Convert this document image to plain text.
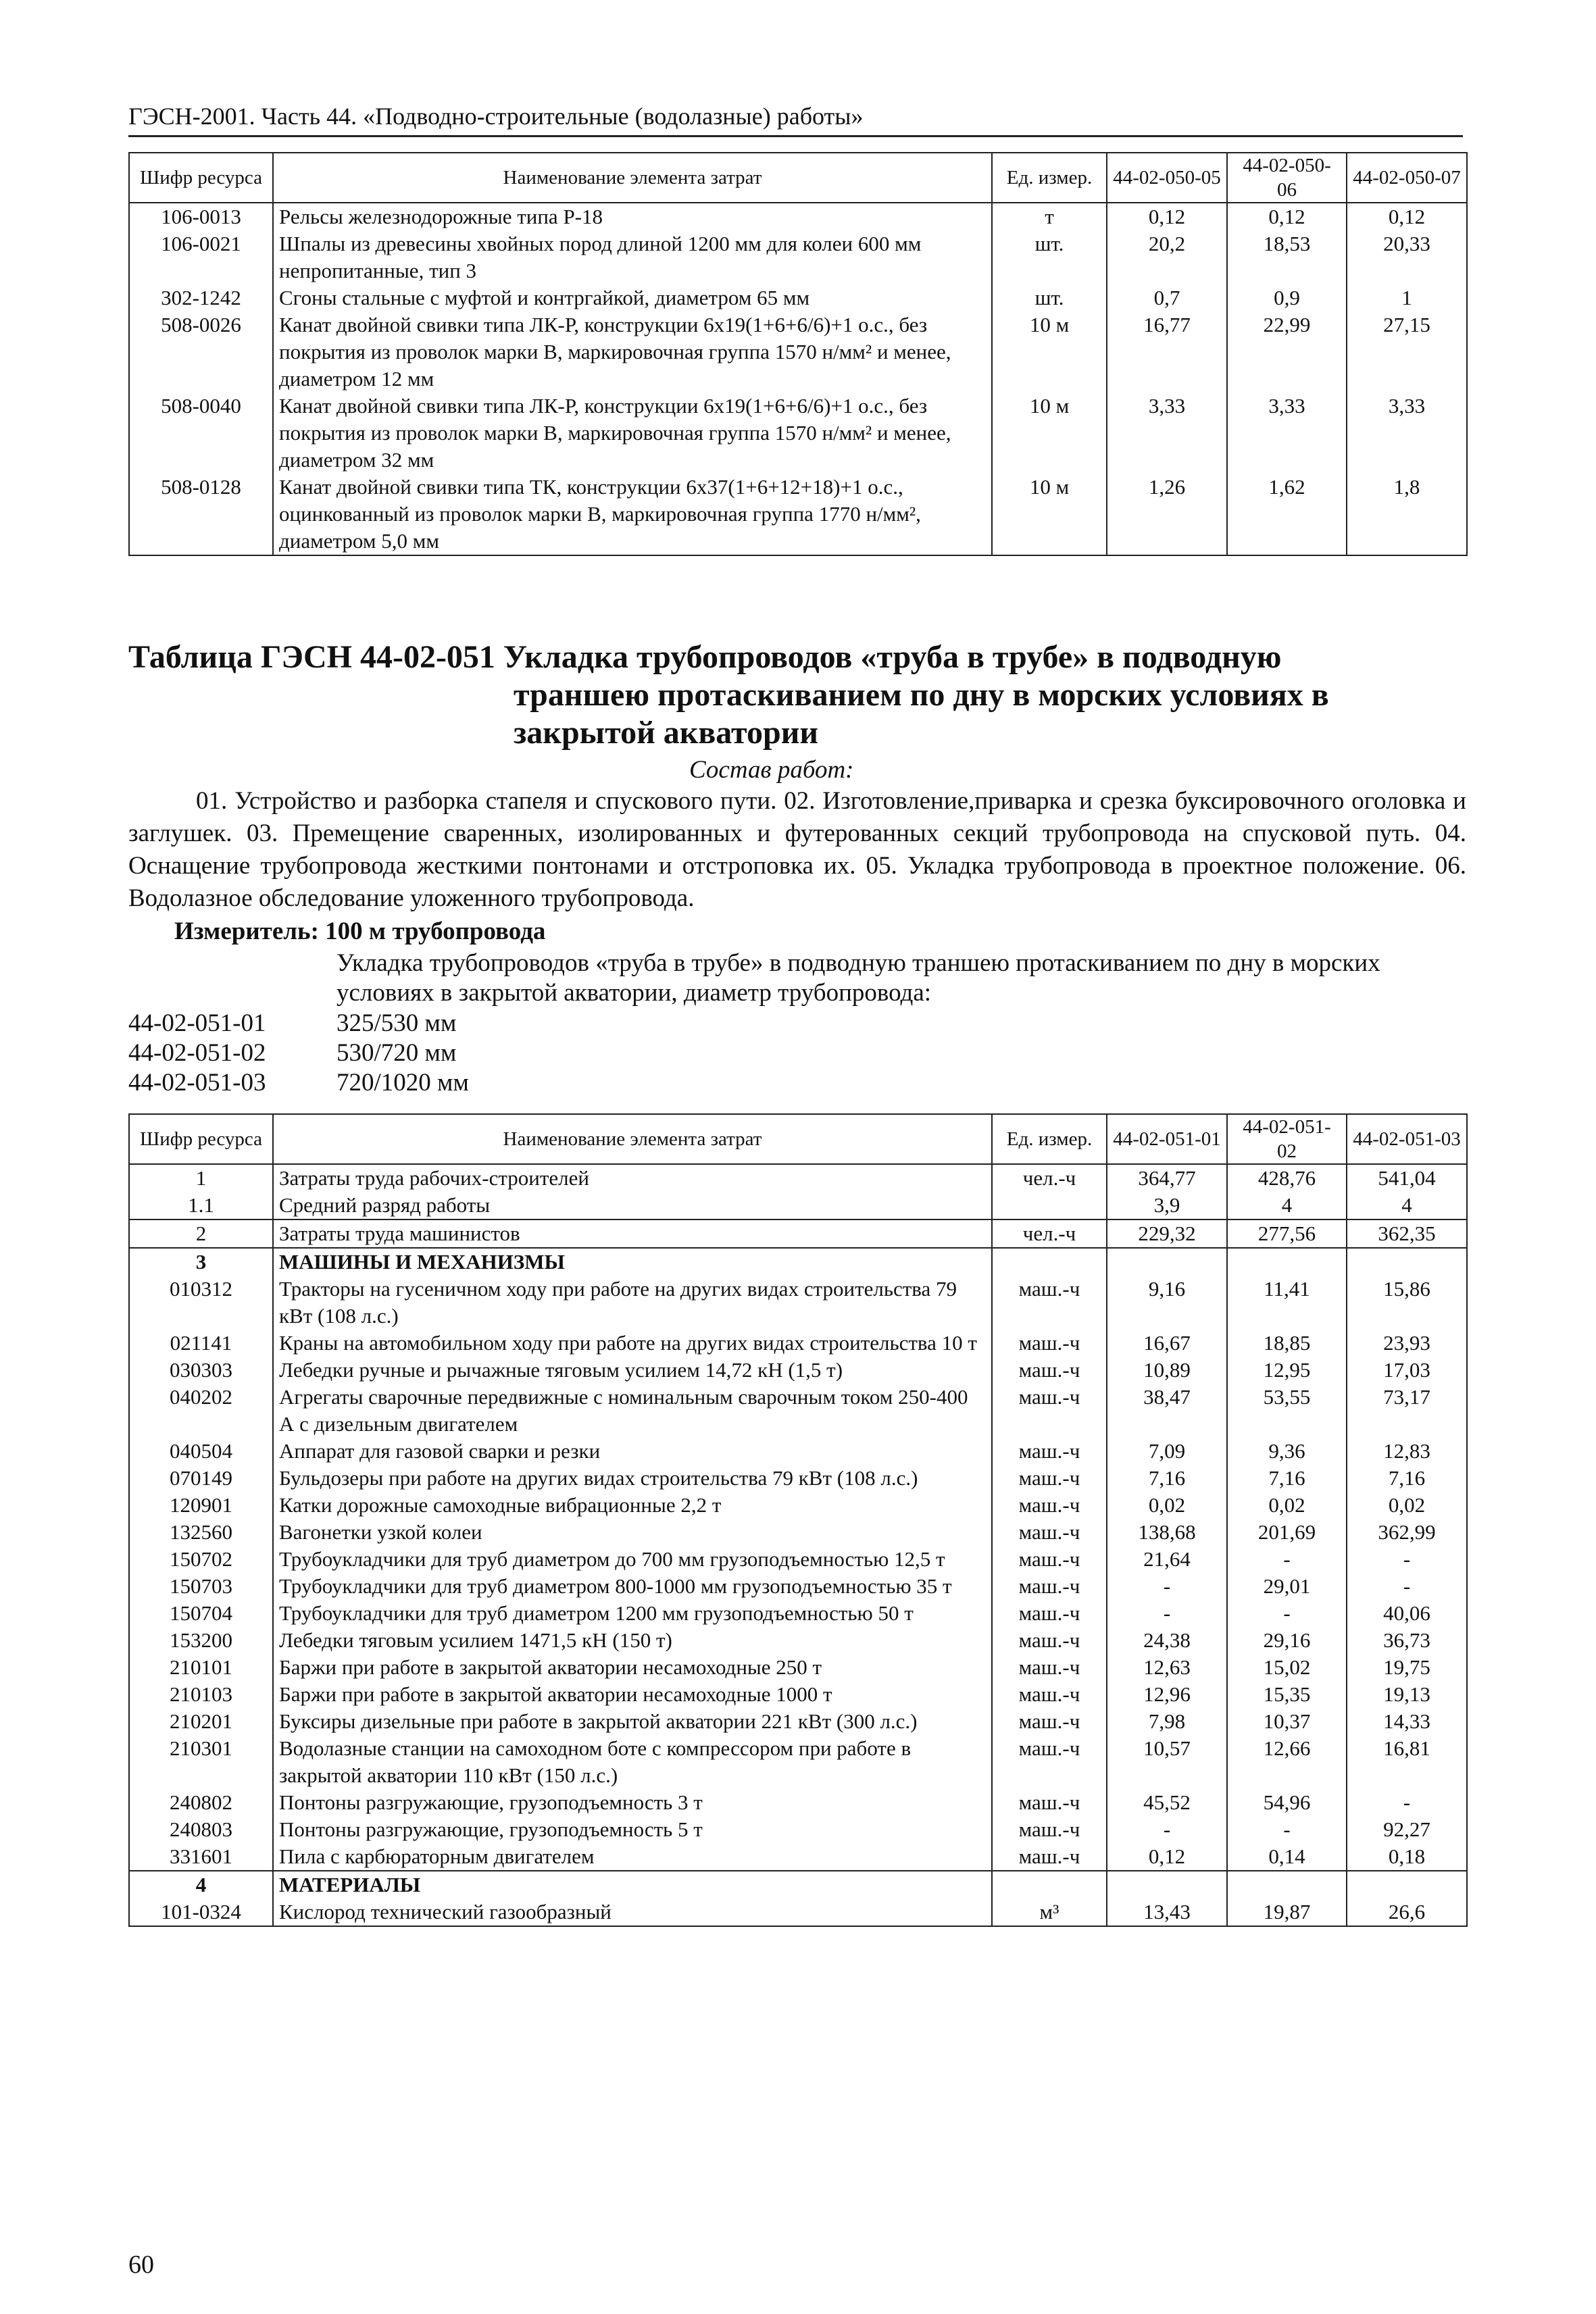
ГЭСН-2001. Часть 44. «Подводно-строительные (водолазные) работы»
Шифр ресурса	Наименование элемента затрат	Ед. измер.	44-02-050-05	44-02-050-06	44-02-050-07
106-0013	Рельсы железнодорожные типа Р-18	т	0,12	0,12	0,12
106-0021	Шпалы из древесины хвойных пород длиной 1200 мм для колеи 600 мм непропитанные, тип 3	шт.	20,2	18,53	20,33
302-1242	Сгоны стальные с муфтой и контргайкой, диаметром 65 мм	шт.	0,7	0,9	1
508-0026	Канат двойной свивки типа ЛК-Р, конструкции 6х19(1+6+6/6)+1 о.с., без покрытия из проволок марки В, маркировочная группа 1570 н/мм² и менее, диаметром 12 мм	10 м	16,77	22,99	27,15
508-0040	Канат двойной свивки типа ЛК-Р, конструкции 6х19(1+6+6/6)+1 о.с., без покрытия из проволок марки В, маркировочная группа 1570 н/мм² и менее, диаметром 32 мм	10 м	3,33	3,33	3,33
508-0128	Канат двойной свивки типа ТК, конструкции 6х37(1+6+12+18)+1 о.с., оцинкованный из проволок марки В, маркировочная группа 1770 н/мм², диаметром 5,0 мм	10 м	1,26	1,62	1,8
Таблица ГЭСН 44-02-051 Укладка трубопроводов «труба в трубе» в подводную
траншею протаскиванием по дну в морских условиях в
закрытой акватории
Состав работ:
01. Устройство и разборка стапеля и спускового пути. 02. Изготовление,приварка и срезка буксировочного оголовка и заглушек. 03. Премещение сваренных, изолированных и футерованных секций трубопровода на спусковой путь. 04. Оснащение трубопровода жесткими понтонами и отстроповка их. 05. Укладка трубопровода в проектное положение. 06. Водолазное обследование уложенного трубопровода.
Измеритель: 100 м трубопровода
Укладка трубопроводов «труба в трубе» в подводную траншею протаскиванием по дну в морских условиях в закрытой акватории, диаметр трубопровода:
44-02-051-01	325/530 мм
44-02-051-02	530/720 мм
44-02-051-03	720/1020 мм
Шифр ресурса	Наименование элемента затрат	Ед. измер.	44-02-051-01	44-02-051-02	44-02-051-03
1	Затраты труда рабочих-строителей	чел.-ч	364,77	428,76	541,04
1.1	Средний разряд работы		3,9	4	4
2	Затраты труда машинистов	чел.-ч	229,32	277,56	362,35
3	МАШИНЫ И МЕХАНИЗМЫ				
010312	Тракторы на гусеничном ходу при работе на других видах строительства 79 кВт (108 л.с.)	маш.-ч	9,16	11,41	15,86
021141	Краны на автомобильном ходу при работе на других видах строительства 10 т	маш.-ч	16,67	18,85	23,93
030303	Лебедки ручные и рычажные тяговым усилием 14,72 кН (1,5 т)	маш.-ч	10,89	12,95	17,03
040202	Агрегаты сварочные передвижные с номинальным сварочным током 250-400 А с дизельным двигателем	маш.-ч	38,47	53,55	73,17
040504	Аппарат для газовой сварки и резки	маш.-ч	7,09	9,36	12,83
070149	Бульдозеры при работе на других видах строительства 79 кВт (108 л.с.)	маш.-ч	7,16	7,16	7,16
120901	Катки дорожные самоходные вибрационные 2,2 т	маш.-ч	0,02	0,02	0,02
132560	Вагонетки узкой колеи	маш.-ч	138,68	201,69	362,99
150702	Трубоукладчики для труб диаметром до 700 мм грузоподъемностью 12,5 т	маш.-ч	21,64	-	-
150703	Трубоукладчики для труб диаметром 800-1000 мм грузоподъемностью 35 т	маш.-ч	-	29,01	-
150704	Трубоукладчики для труб диаметром 1200 мм грузоподъемностью 50 т	маш.-ч	-	-	40,06
153200	Лебедки тяговым усилием 1471,5 кН (150 т)	маш.-ч	24,38	29,16	36,73
210101	Баржи при работе в закрытой акватории несамоходные 250 т	маш.-ч	12,63	15,02	19,75
210103	Баржи при работе в закрытой акватории несамоходные 1000 т	маш.-ч	12,96	15,35	19,13
210201	Буксиры дизельные при работе в закрытой акватории 221 кВт (300 л.с.)	маш.-ч	7,98	10,37	14,33
210301	Водолазные станции на самоходном боте с компрессором при работе в закрытой акватории 110 кВт (150 л.с.)	маш.-ч	10,57	12,66	16,81
240802	Понтоны разгружающие, грузоподъемность 3 т	маш.-ч	45,52	54,96	-
240803	Понтоны разгружающие, грузоподъемность 5 т	маш.-ч	-	-	92,27
331601	Пила с карбюраторным двигателем	маш.-ч	0,12	0,14	0,18
4	МАТЕРИАЛЫ				
101-0324	Кислород технический газообразный	м³	13,43	19,87	26,6
60
